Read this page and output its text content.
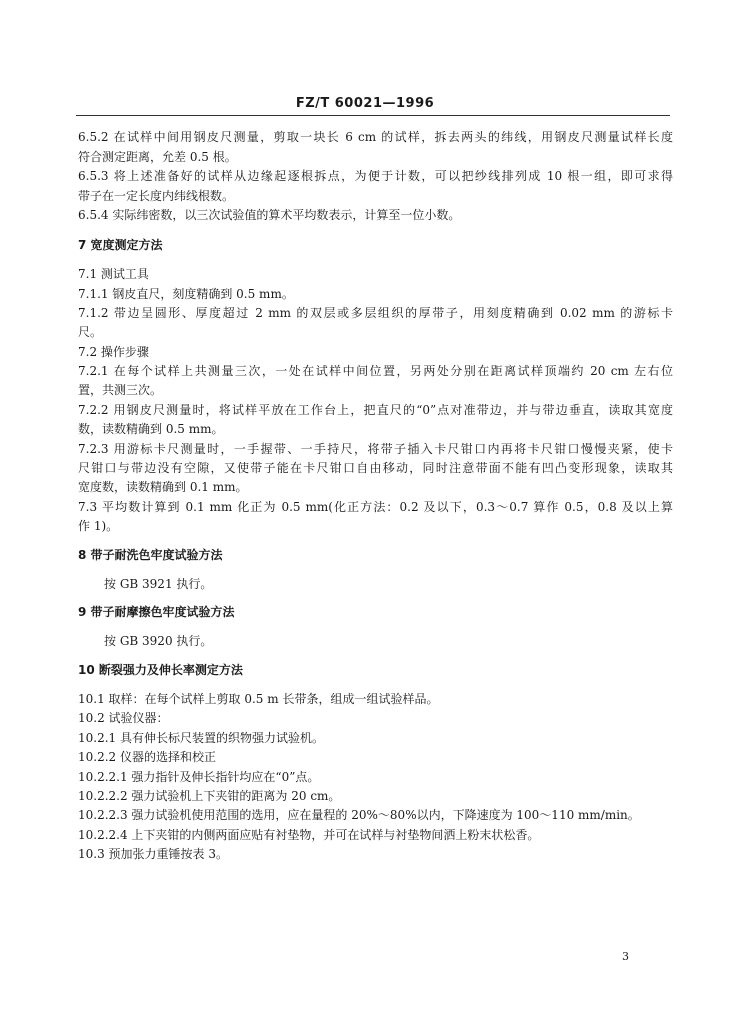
FZ/T 60021—1996
6.5.2 在试样中间用钢皮尺测量，剪取一块长 6 cm 的试样，拆去两头的纬线，用钢皮尺测量试样长度
符合测定距离，允差 0.5 根。
6.5.3 将上述准备好的试样从边缘起逐根拆点，为便于计数，可以把纱线排列成 10 根一组，即可求得
带子在一定长度内纬线根数。
6.5.4 实际纬密数，以三次试验值的算术平均数表示，计算至一位小数。
7 宽度测定方法
7.1 测试工具
7.1.1 钢皮直尺，刻度精确到 0.5 mm。
7.1.2 带边呈圆形、厚度超过 2 mm 的双层或多层组织的厚带子，用刻度精确到 0.02 mm 的游标卡
尺。
7.2 操作步骤
7.2.1 在每个试样上共测量三次，一处在试样中间位置，另两处分别在距离试样顶端约 20 cm 左右位
置，共测三次。
7.2.2 用钢皮尺测量时，将试样平放在工作台上，把直尺的“0”点对准带边，并与带边垂直，读取其宽度
数，读数精确到 0.5 mm。
7.2.3 用游标卡尺测量时，一手握带、一手持尺，将带子插入卡尺钳口内再将卡尺钳口慢慢夹紧，使卡
尺钳口与带边没有空隙，又使带子能在卡尺钳口自由移动，同时注意带面不能有凹凸变形现象，读取其
宽度数，读数精确到 0.1 mm。
7.3 平均数计算到 0.1 mm 化正为 0.5 mm(化正方法：0.2 及以下，0.3～0.7 算作 0.5，0.8 及以上算
作 1)。
8 带子耐洗色牢度试验方法
按 GB 3921 执行。
9 带子耐摩擦色牢度试验方法
按 GB 3920 执行。
10 断裂强力及伸长率测定方法
10.1 取样：在每个试样上剪取 0.5 m 长带条，组成一组试验样品。
10.2 试验仪器：
10.2.1 具有伸长标尺装置的织物强力试验机。
10.2.2 仪器的选择和校正
10.2.2.1 强力指针及伸长指针均应在“0”点。
10.2.2.2 强力试验机上下夹钳的距离为 20 cm。
10.2.2.3 强力试验机使用范围的选用，应在量程的 20%～80%以内，下降速度为 100～110 mm/min。
10.2.2.4 上下夹钳的内侧两面应贴有衬垫物，并可在试样与衬垫物间洒上粉末状松香。
10.3 预加张力重锤按表 3。
3
